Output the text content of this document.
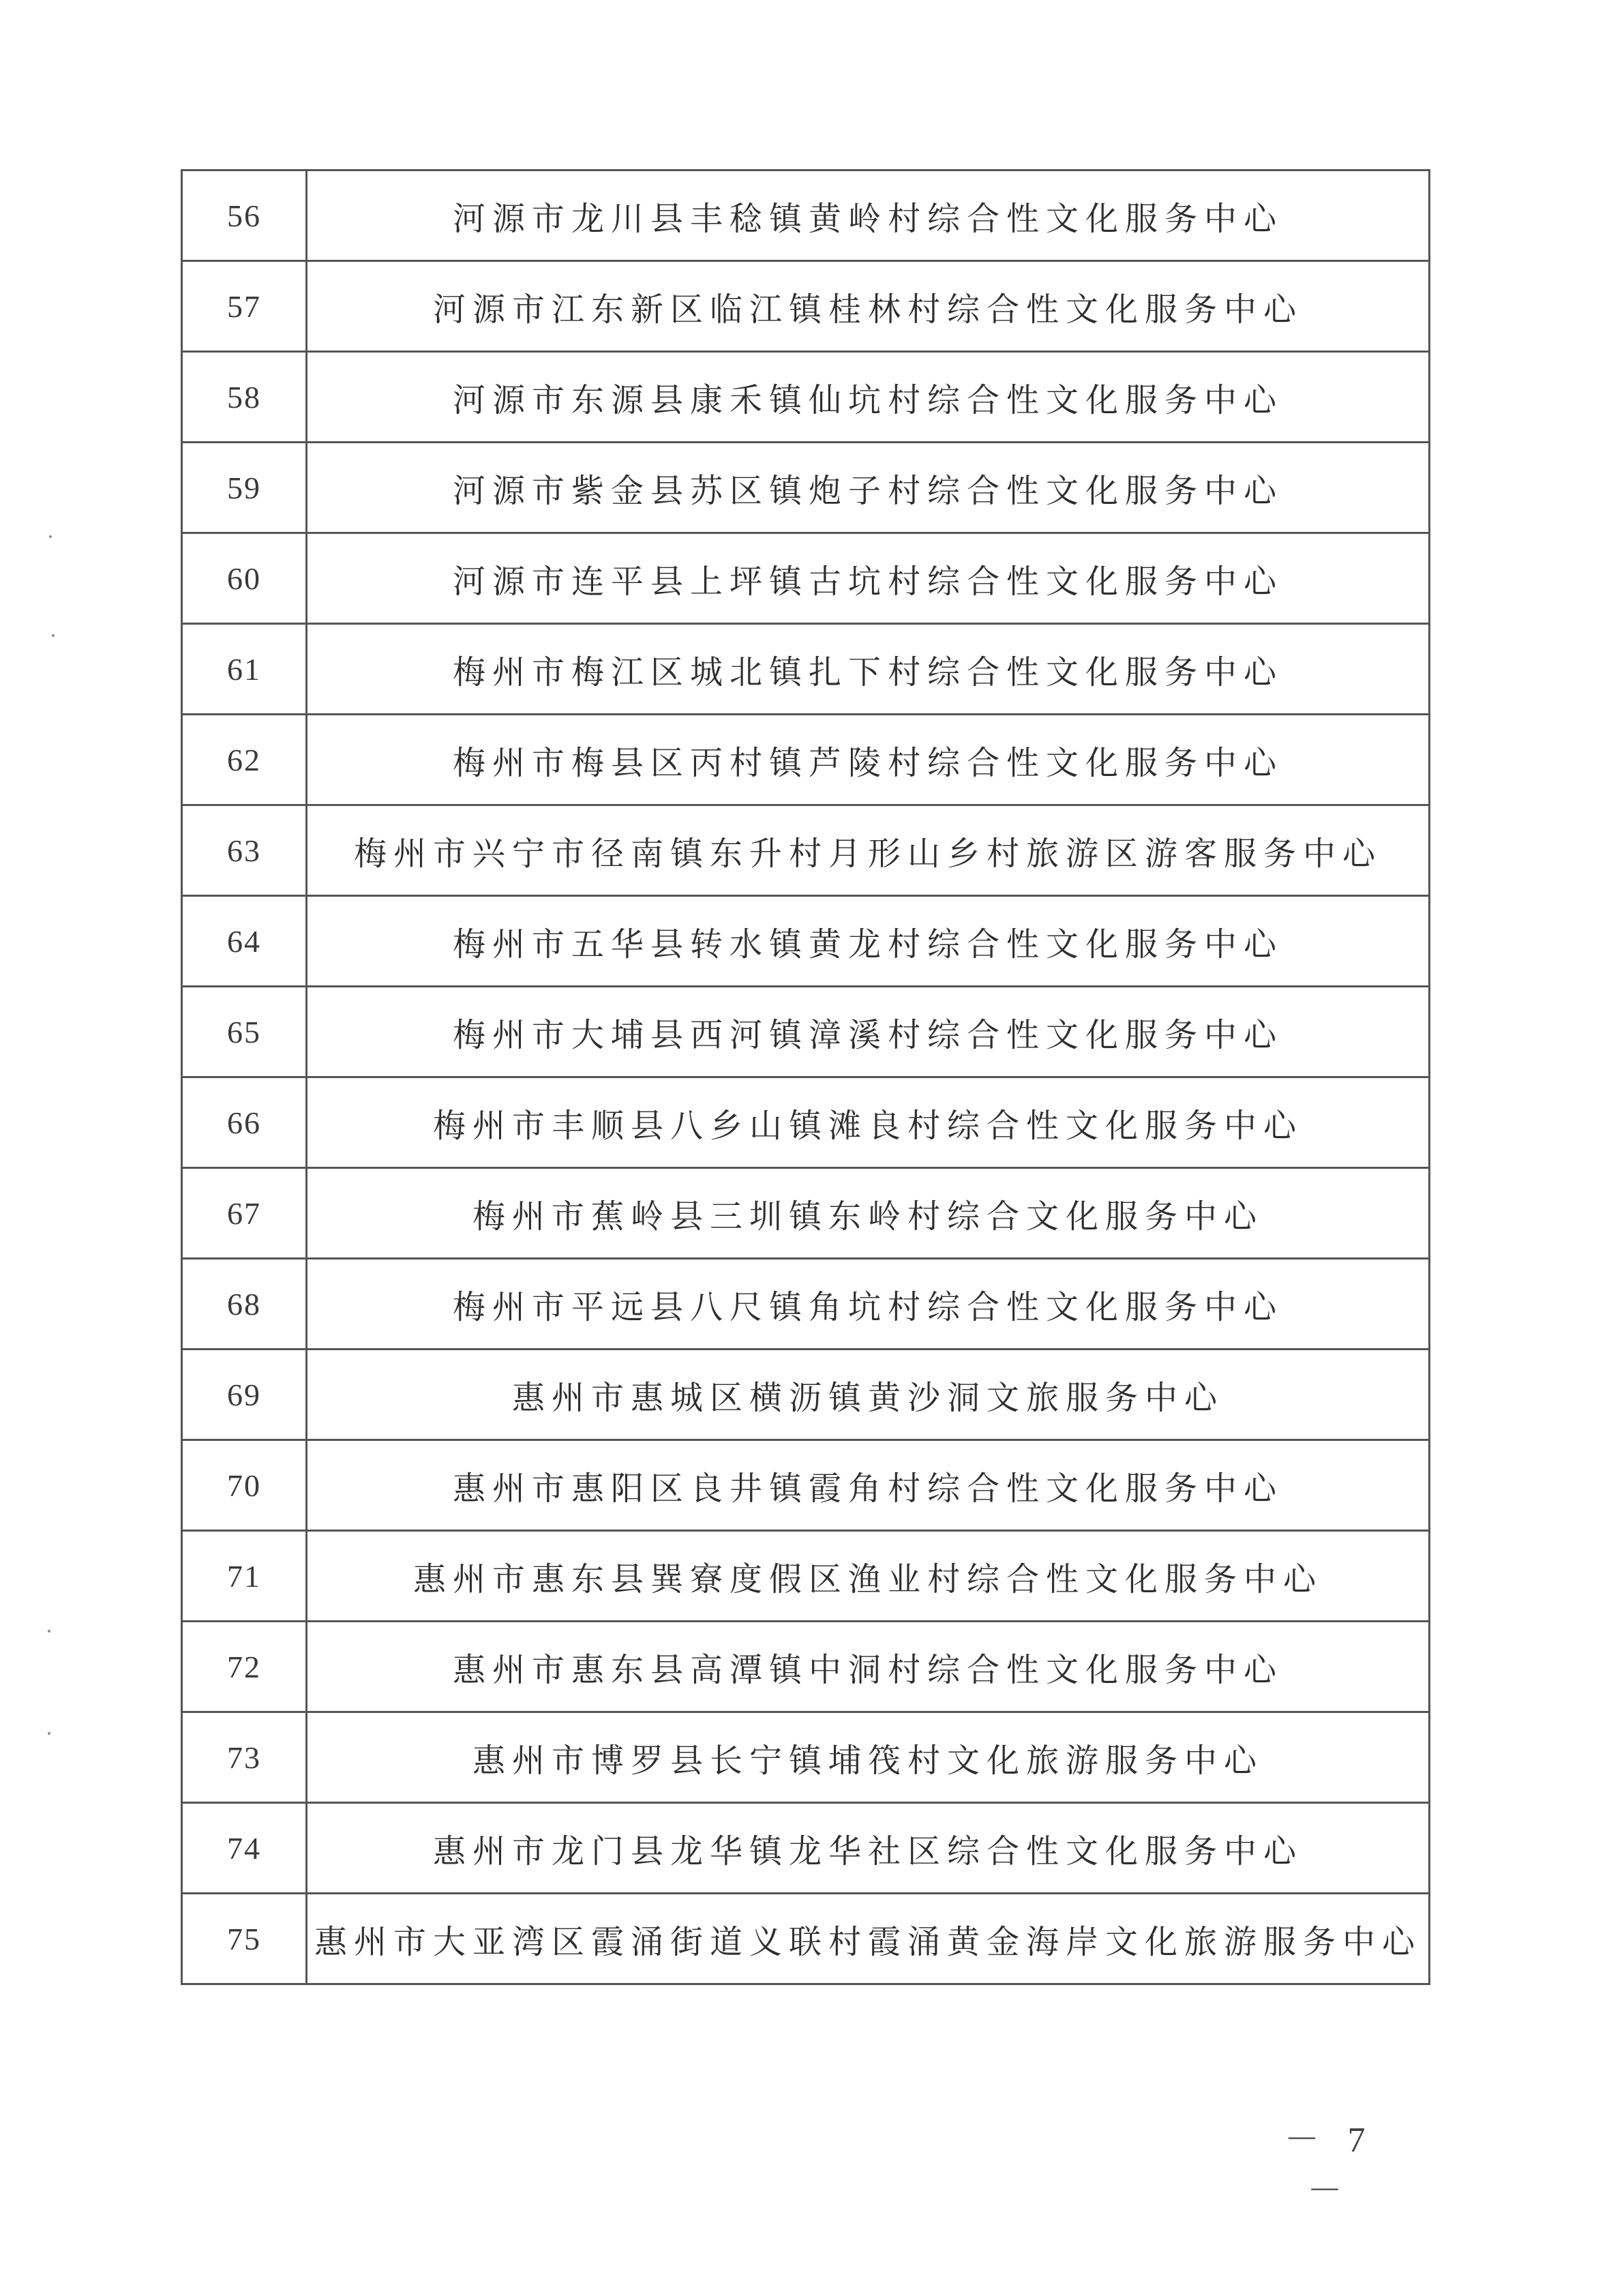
56	河源市龙川县丰稔镇黄岭村综合性文化服务中心
57	河源市江东新区临江镇桂林村综合性文化服务中心
58	河源市东源县康禾镇仙坑村综合性文化服务中心
59	河源市紫金县苏区镇炮子村综合性文化服务中心
60	河源市连平县上坪镇古坑村综合性文化服务中心
61	梅州市梅江区城北镇扎下村综合性文化服务中心
62	梅州市梅县区丙村镇芦陵村综合性文化服务中心
63	梅州市兴宁市径南镇东升村月形山乡村旅游区游客服务中心
64	梅州市五华县转水镇黄龙村综合性文化服务中心
65	梅州市大埔县西河镇漳溪村综合性文化服务中心
66	梅州市丰顺县八乡山镇滩良村综合性文化服务中心
67	梅州市蕉岭县三圳镇东岭村综合文化服务中心
68	梅州市平远县八尺镇角坑村综合性文化服务中心
69	惠州市惠城区横沥镇黄沙洞文旅服务中心
70	惠州市惠阳区良井镇霞角村综合性文化服务中心
71	惠州市惠东县巽寮度假区渔业村综合性文化服务中心
72	惠州市惠东县高潭镇中洞村综合性文化服务中心
73	惠州市博罗县长宁镇埔筏村文化旅游服务中心
74	惠州市龙门县龙华镇龙华社区综合性文化服务中心
75	惠州市大亚湾区霞涌街道义联村霞涌黄金海岸文化旅游服务中心
－ 7 －
